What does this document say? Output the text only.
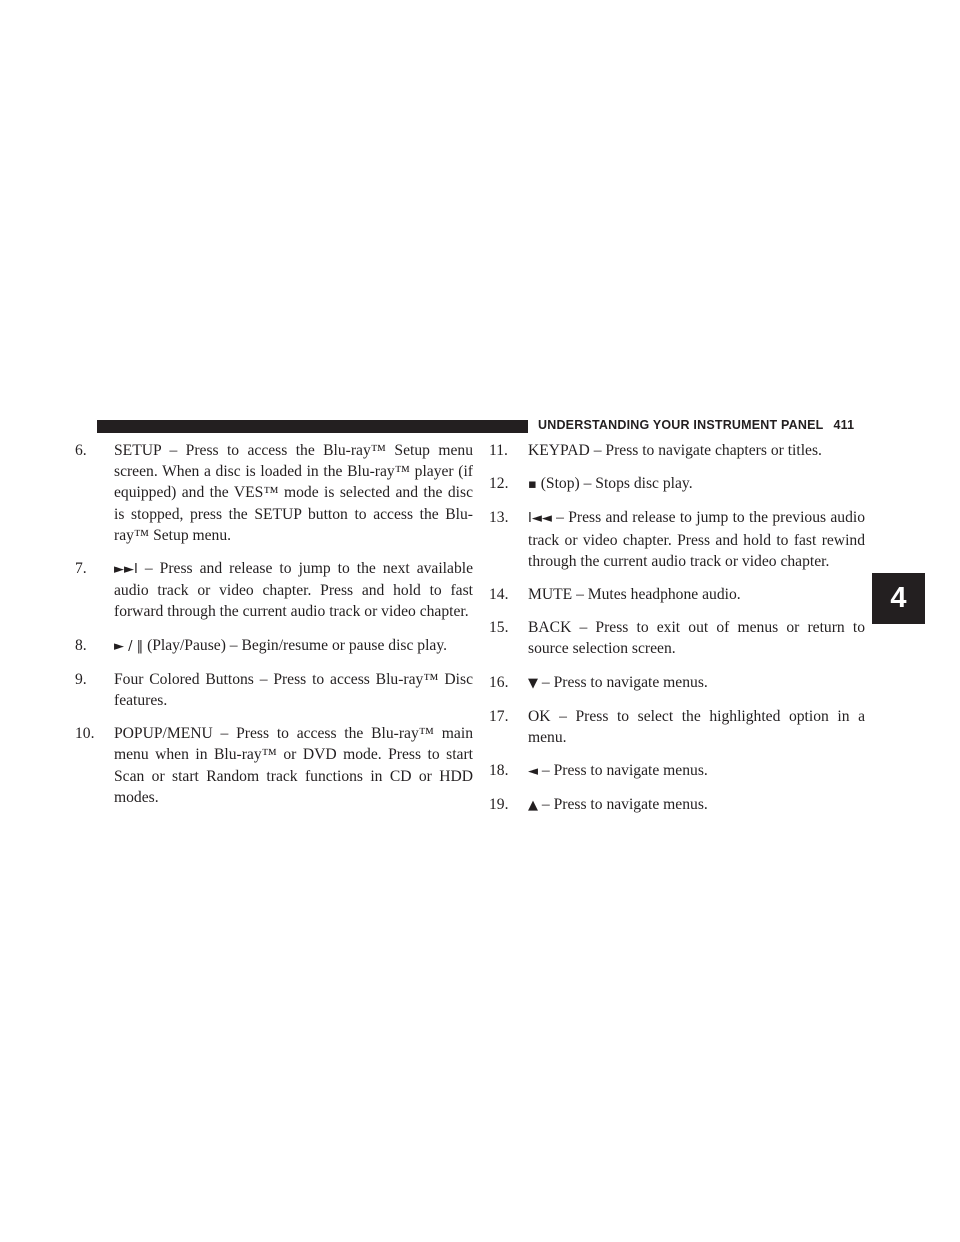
UNDERSTANDING YOUR INSTRUMENT PANEL 411
4
6. SETUP – Press to access the Blu-ray™ Setup menu screen. When a disc is loaded in the Blu-ray™ player (if equipped) and the VES™ mode is selected and the disc is stopped, press the SETUP button to access the Blu-ray™ Setup menu.
7. ►►I – Press and release to jump to the next available audio track or video chapter. Press and hold to fast forward through the current audio track or video chapter.
8. ► / ‖ (Play/Pause) – Begin/resume or pause disc play.
9. Four Colored Buttons – Press to access Blu-ray™ Disc features.
10. POPUP/MENU – Press to access the Blu-ray™ main menu when in Blu-ray™ or DVD mode. Press to start Scan or start Random track functions in CD or HDD modes.
11. KEYPAD – Press to navigate chapters or titles.
12. ▪ (Stop) – Stops disc play.
13. I◄◄ – Press and release to jump to the previous audio track or video chapter. Press and hold to fast rewind through the current audio track or video chapter.
14. MUTE – Mutes headphone audio.
15. BACK – Press to exit out of menus or return to source selection screen.
16. ▼ – Press to navigate menus.
17. OK – Press to select the highlighted option in a menu.
18. ◄ – Press to navigate menus.
19. ▲ – Press to navigate menus.
